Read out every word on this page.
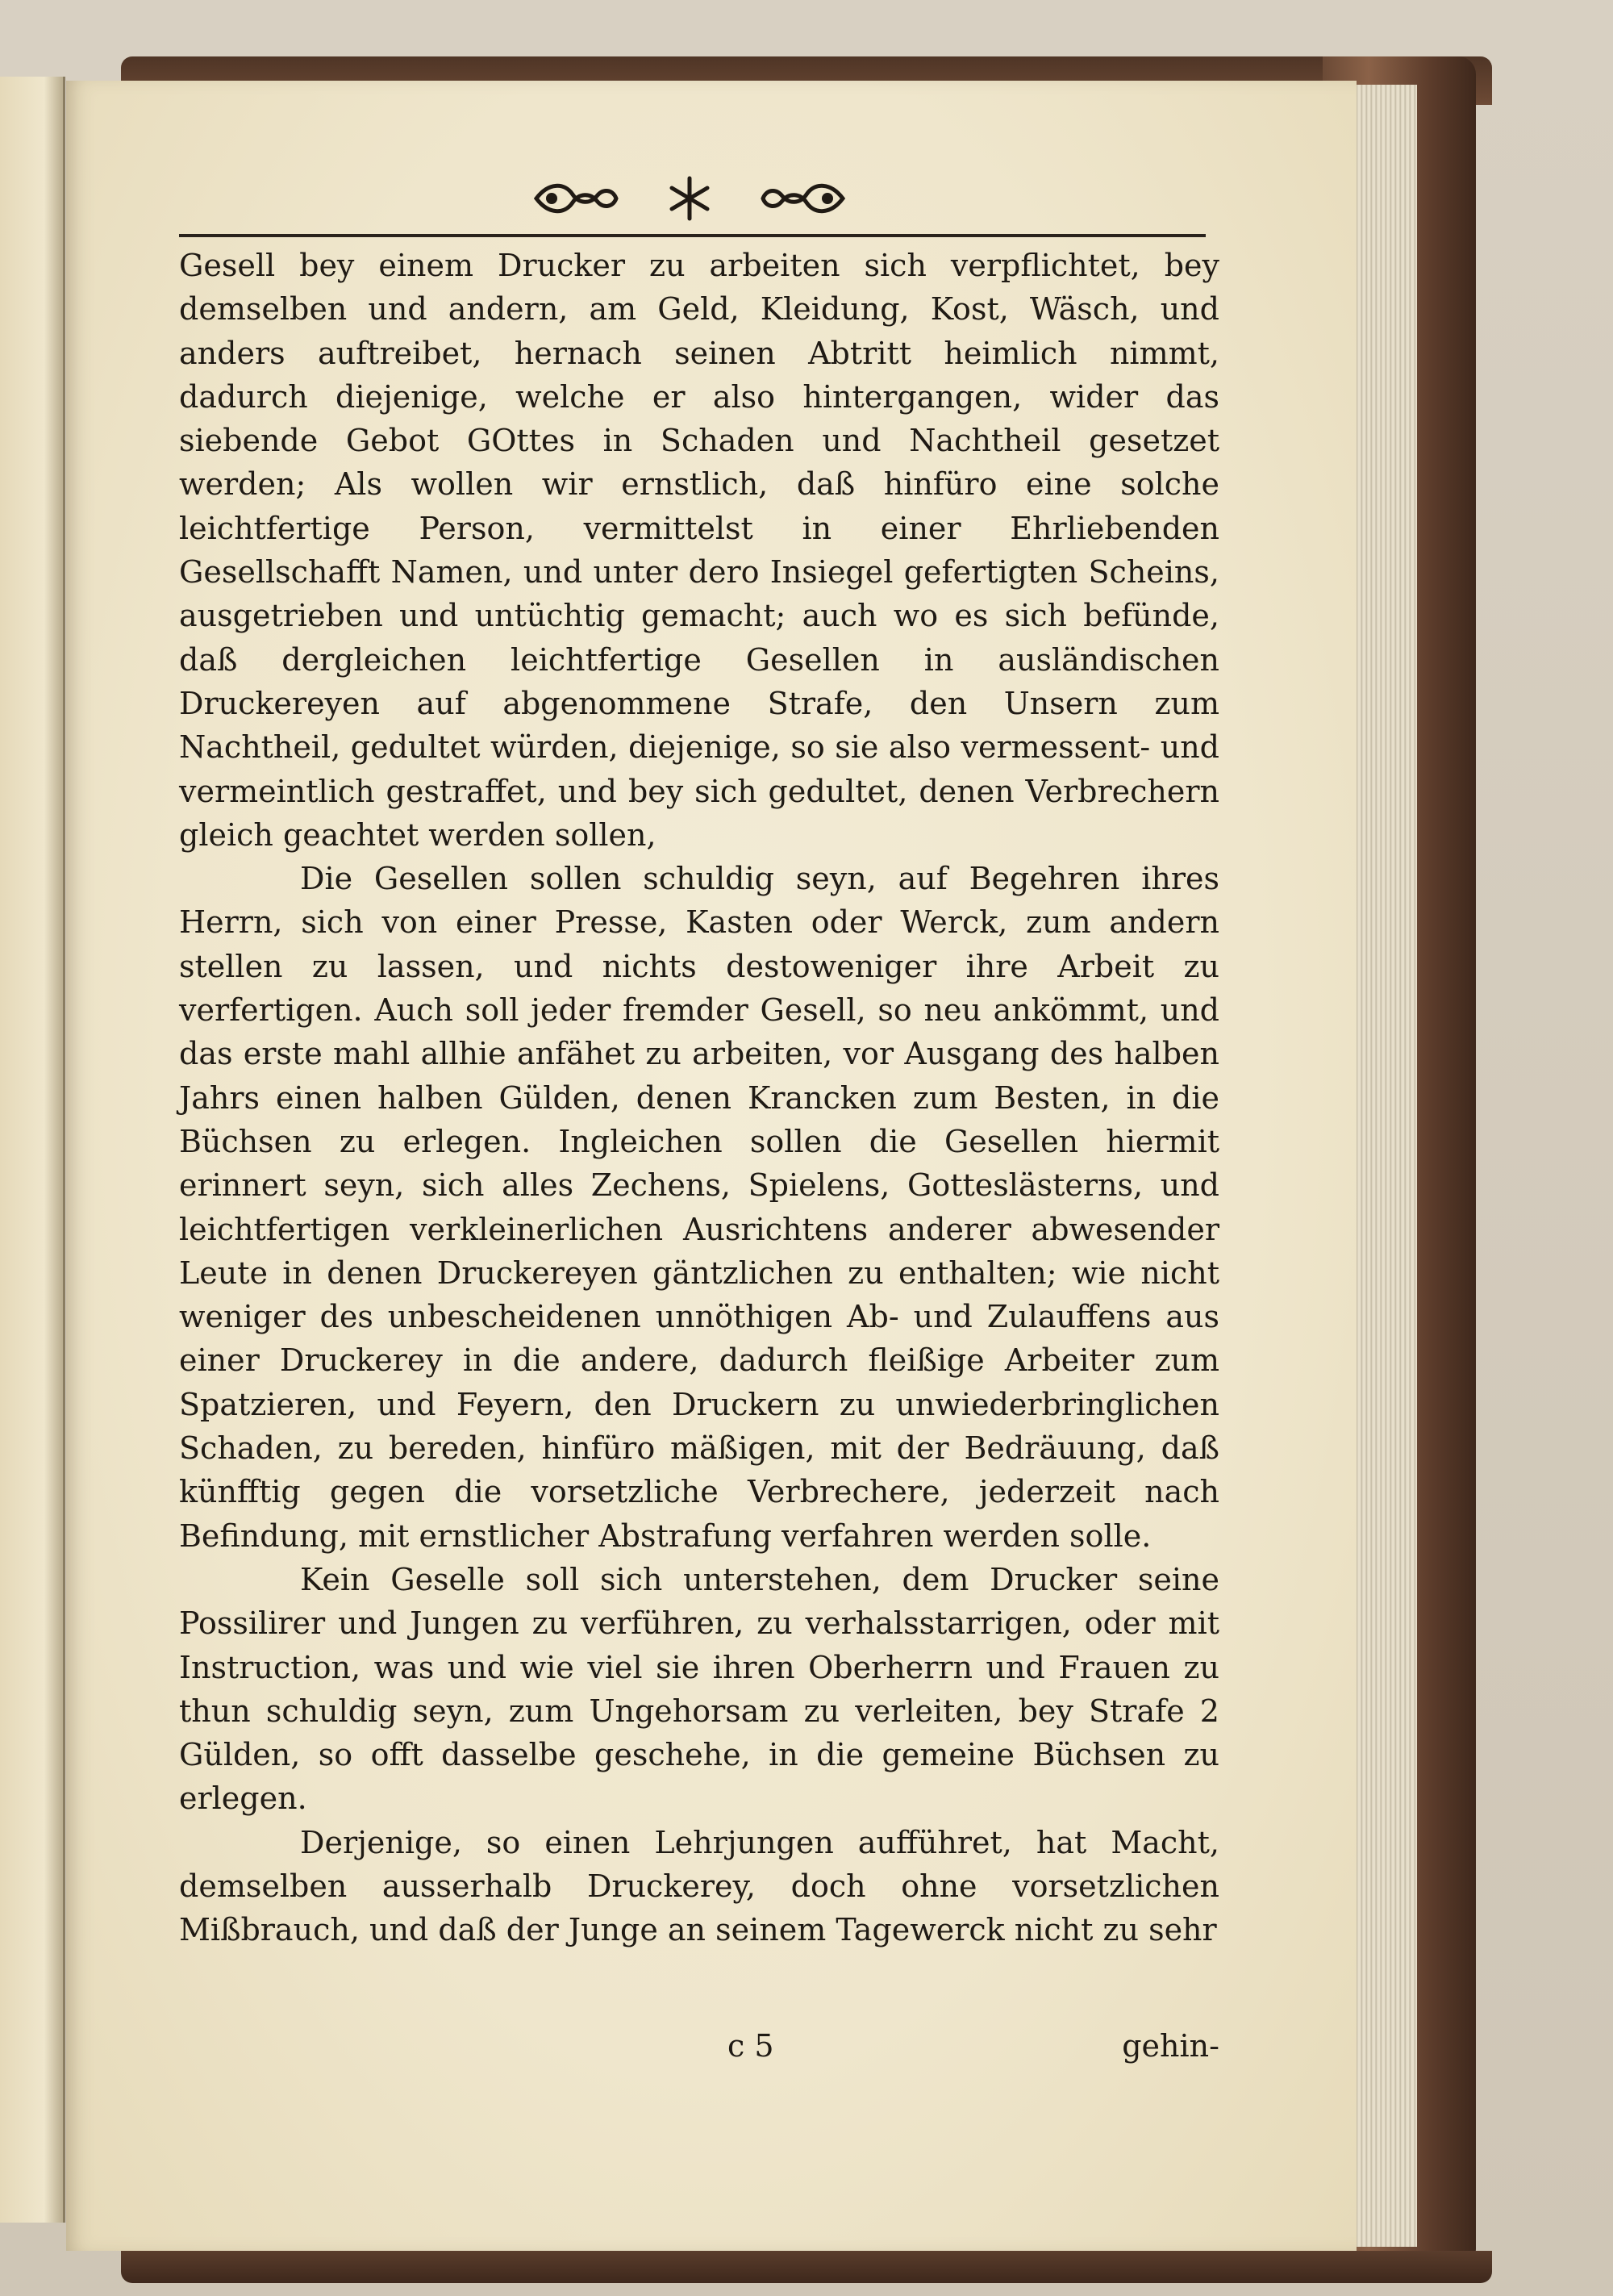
Gesell bey einem Drucker zu arbeiten sich verpflichtet, bey demselben und andern, am Geld, Kleidung, Kost, Wäsch, und anders auftreibet, hernach seinen Abtritt heimlich nimmt, dadurch diejenige, welche er also hintergangen, wider das siebende Gebot GOttes in Schaden und Nachtheil gesetzet werden; Als wollen wir ernstlich, daß hinfüro eine solche leichtfertige Person, vermittelst in einer Ehrliebenden Gesellschafft Namen, und unter dero Insiegel gefertigten Scheins, ausgetrieben und untüchtig gemacht; auch wo es sich befünde, daß dergleichen leichtfertige Gesellen in ausländischen Druckereyen auf abgenommene Strafe, den Unsern zum Nachtheil, gedultet würden, diejenige, so sie also vermessent- und vermeintlich gestraffet, und bey sich gedultet, denen Verbrechern gleich geachtet werden sollen,

Die Gesellen sollen schuldig seyn, auf Begehren ihres Herrn, sich von einer Presse, Kasten oder Werck, zum andern stellen zu lassen, und nichts destoweniger ihre Arbeit zu verfertigen. Auch soll jeder fremder Gesell, so neu ankömmt, und das erste mahl allhie anfähet zu arbeiten, vor Ausgang des halben Jahrs einen halben Gülden, denen Krancken zum Besten, in die Büchsen zu erlegen. Ingleichen sollen die Gesellen hiermit erinnert seyn, sich alles Zechens, Spielens, Gotteslästerns, und leichtfertigen verkleinerlichen Ausrichtens anderer abwesender Leute in denen Druckereyen gäntzlichen zu enthalten; wie nicht weniger des unbescheidenen unnöthigen Ab- und Zulauffens aus einer Druckerey in die andere, dadurch fleißige Arbeiter zum Spatzieren, und Feyern, den Druckern zu unwiederbringlichen Schaden, zu bereden, hinfüro mäßigen, mit der Bedräuung, daß künfftig gegen die vorsetzliche Verbrechere, jederzeit nach Befindung, mit ernstlicher Abstrafung verfahren werden solle.

Kein Geselle soll sich unterstehen, dem Drucker seine Possilirer und Jungen zu verführen, zu verhalsstarrigen, oder mit Instruction, was und wie viel sie ihren Oberherrn und Frauen zu thun schuldig seyn, zum Ungehorsam zu verleiten, bey Strafe 2 Gülden, so offt dasselbe geschehe, in die gemeine Büchsen zu erlegen.

Derjenige, so einen Lehrjungen aufführet, hat Macht, demselben ausserhalb Druckerey, doch ohne vorsetzlichen Mißbrauch, und daß der Junge an seinem Tagewerck nicht zu sehr

c 5	gehin-
